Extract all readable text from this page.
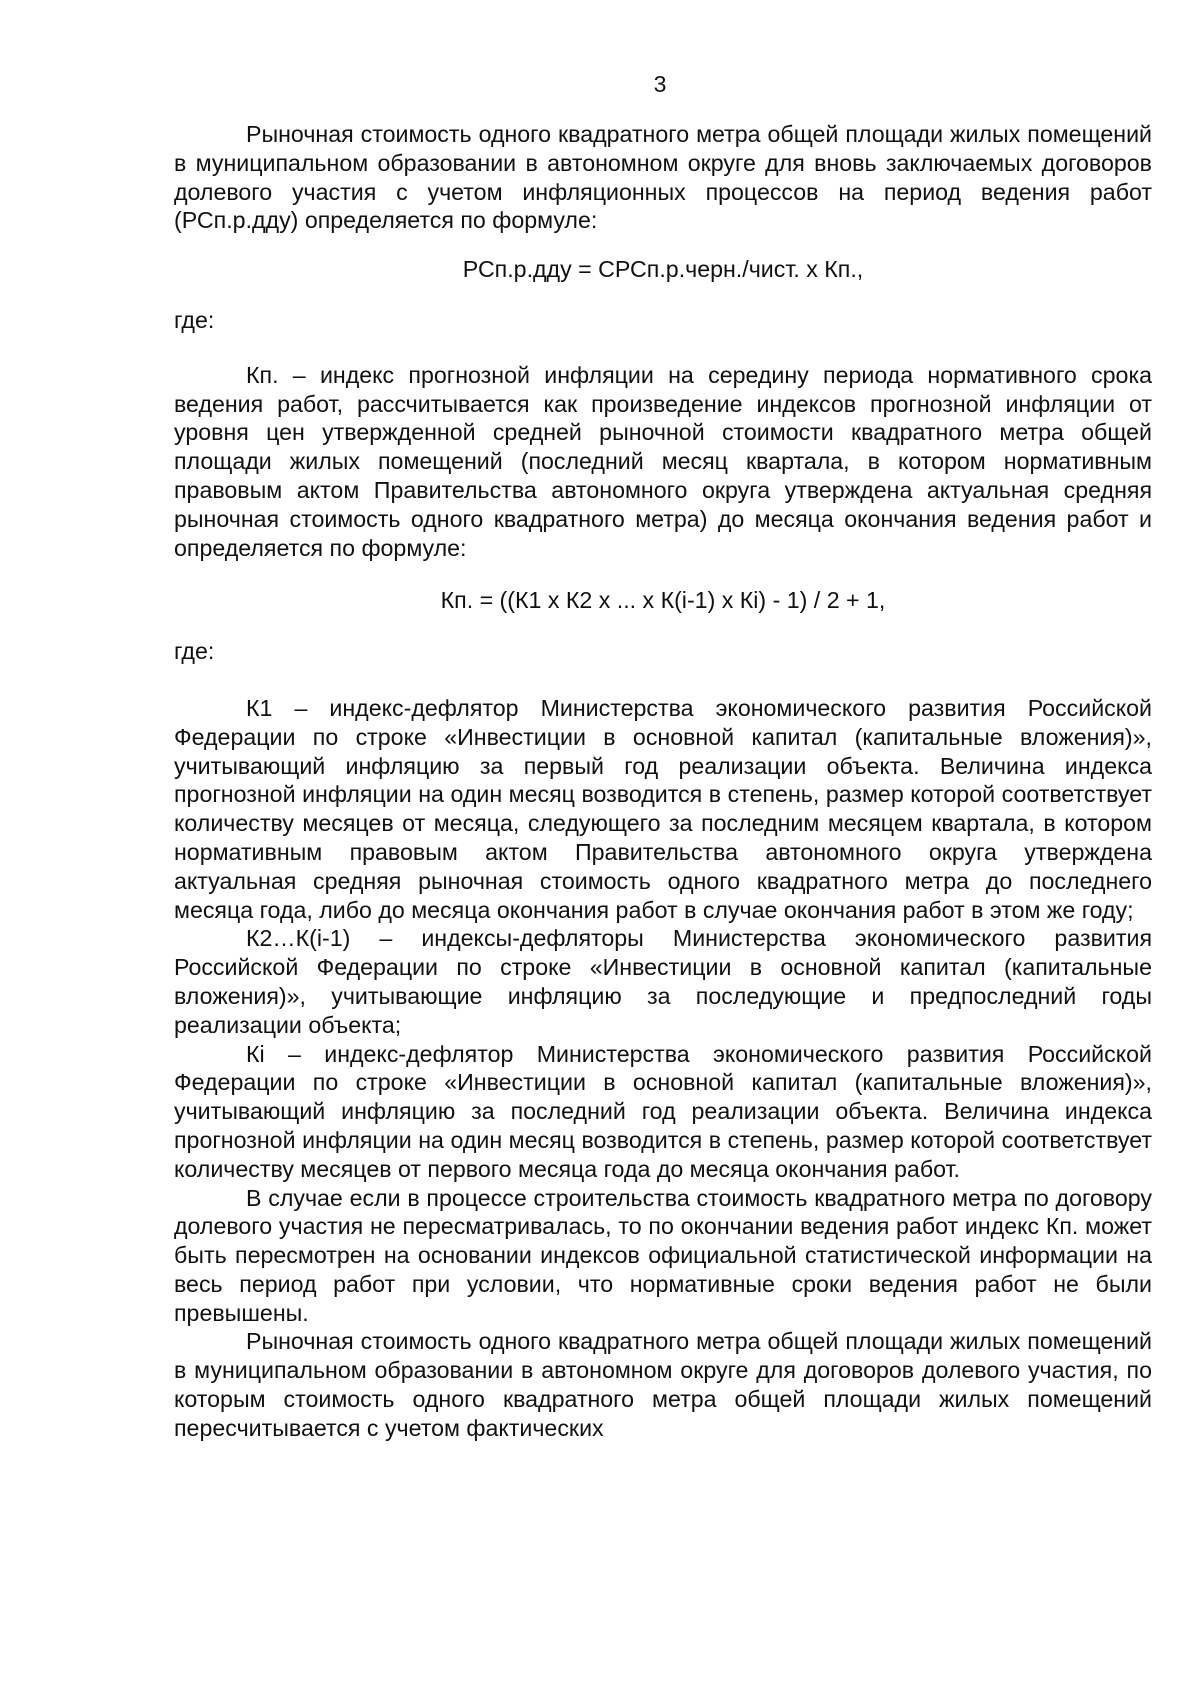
3

Рыночная стоимость одного квадратного метра общей площади жилых помещений в муниципальном образовании в автономном округе для вновь заключаемых договоров долевого участия с учетом инфляционных процессов на период ведения работ (РСп.р.дду) определяется по формуле:

РСп.р.дду = СРСп.р.черн./чист. х Кп.,

где:

Кп. – индекс прогнозной инфляции на середину периода нормативного срока ведения работ, рассчитывается как произведение индексов прогнозной инфляции от уровня цен утвержденной средней рыночной стоимости квадратного метра общей площади жилых помещений (последний месяц квартала, в котором нормативным правовым актом Правительства автономного округа утверждена актуальная средняя рыночная стоимость одного квадратного метра) до месяца окончания ведения работ и определяется по формуле:

Кп. = ((К1 х К2 х ... х К(i-1) х Кi) - 1) / 2 + 1,

где:

К1 – индекс-дефлятор Министерства экономического развития Российской Федерации по строке «Инвестиции в основной капитал (капитальные вложения)», учитывающий инфляцию за первый год реализации объекта. Величина индекса прогнозной инфляции на один месяц возводится в степень, размер которой соответствует количеству месяцев от месяца, следующего за последним месяцем квартала, в котором нормативным правовым актом Правительства автономного округа утверждена актуальная средняя рыночная стоимость одного квадратного метра до последнего месяца года, либо до месяца окончания работ в случае окончания работ в этом же году;

К2…К(i-1) – индексы-дефляторы Министерства экономического развития Российской Федерации по строке «Инвестиции в основной капитал (капитальные вложения)», учитывающие инфляцию за последующие и предпоследний годы реализации объекта;

Кi – индекс-дефлятор Министерства экономического развития Российской Федерации по строке «Инвестиции в основной капитал (капитальные вложения)», учитывающий инфляцию за последний год реализации объекта. Величина индекса прогнозной инфляции на один месяц возводится в степень, размер которой соответствует количеству месяцев от первого месяца года до месяца окончания работ.

В случае если в процессе строительства стоимость квадратного метра по договору долевого участия не пересматривалась, то по окончании ведения работ индекс Кп. может быть пересмотрен на основании индексов официальной статистической информации на весь период работ при условии, что нормативные сроки ведения работ не были превышены.

Рыночная стоимость одного квадратного метра общей площади жилых помещений в муниципальном образовании в автономном округе для договоров долевого участия, по которым стоимость одного квадратного метра общей площади жилых помещений пересчитывается с учетом фактических
